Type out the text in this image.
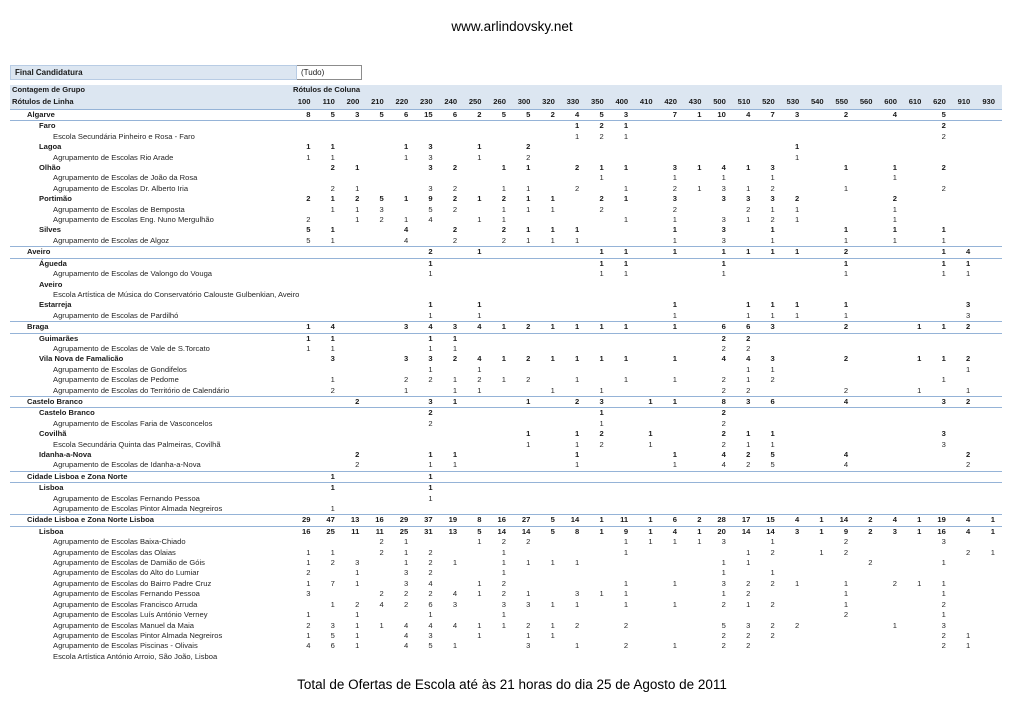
www.arlindovsky.net
Final Candidatura	(Tudo)
Contagem de Grupo	Rótulos de Coluna																												
Rótulos de Linha	100	110	200	210	220	230	240	250	260	300	320	330	350	400	410	420	430	500	510	520	530	540	550	560	600	610	620	910	930
Algarve	8	5	3	5	6	15	6	2	5	5	2	4	5	3		7	1	10	4	7	3		2		4		5		
Faro												1	2	1													2		
Escola Secundária Pinheiro e Rosa - Faro												1	2	1													2		
Lagoa	1	1			1	3		1		2											1								
Agrupamento de Escolas Rio Arade	1	1			1	3		1		2											1								
Olhão		2	1			3	2		1	1		2	1	1		3	1	4	1	3			1		1		2		
Agrupamento de Escolas de João da Rosa													1			1		1		1					1				
Agrupamento de Escolas Dr. Alberto Iria		2	1			3	2		1	1		2		1		2	1	3	1	2			1				2		
Portimão	2	1	2	5	1	9	2	1	2	1	1		2	1		3		3	3	3	2				2				
Agrupamento de Escolas de Bemposta		1	1	3		5	2		1	1	1		2			2			2	1	1				1				
Agrupamento de Escolas Eng. Nuno Mergulhão	2		1	2	1	4		1	1					1		1		3	1	2	1				1				
Silves	5	1			4		2		2	1	1	1				1		3		1			1		1		1		
Agrupamento de Escolas de Algoz	5	1			4		2		2	1	1	1				1		3		1			1		1		1		
Aveiro						2		1					1	1		1		1	1	1	1		2				1	4	
Águeda						1							1	1				1					1				1	1	
Agrupamento de Escolas de Valongo do Vouga						1							1	1				1					1				1	1	
Aveiro																													
Escola Artística de Música do Conservatório Calouste Gulbenkian, Aveiro																													
Estarreja						1		1								1			1	1	1		1					3	
Agrupamento de Escolas de Pardilhó						1		1								1			1	1	1		1					3	
Braga	1	4			3	4	3	4	1	2	1	1	1	1		1		6	6	3			2			1	1	2	
Guimarães	1	1				1	1											2	2										
Agrupamento de Escolas de Vale de S.Torcato	1	1				1	1											2	2										
Vila Nova de Famalicão		3			3	3	2	4	1	2	1	1	1	1		1		4	4	3			2			1	1	2	
Agrupamento de Escolas de Gondifelos						1		1											1	1								1	
Agrupamento de Escolas de Pedome		1			2	2	1	2	1	2		1		1		1		2	1	2							1		
Agrupamento de Escolas do Território de Calendário		2			1		1	1			1		1					2	2				2			1		1	
Castelo Branco			2			3	1			1		2	3		1	1		8	3	6			4				3	2	
Castelo Branco						2							1					2											
Agrupamento de Escolas Faria de Vasconcelos						2							1					2											
Covilhã										1		1	2		1			2	1	1							3		
Escola Secundária Quinta das Palmeiras, Covilhã										1		1	2		1			2	1	1							3		
Idanha-a-Nova			2			1	1					1				1		4	2	5			4					2	
Agrupamento de Escolas de Idanha-a-Nova			2			1	1					1				1		4	2	5			4					2	
Cidade Lisboa e Zona Norte		1				1																							
Lisboa		1				1																							
Agrupamento de Escolas Fernando Pessoa						1																							
Agrupamento de Escolas Pintor Almada Negreiros		1																											
Cidade Lisboa e Zona Norte Lisboa	29	47	13	16	29	37	19	8	16	27	5	14	1	11	1	6	2	28	17	15	4	1	14	2	4	1	19	4	1
Lisboa	16	25	11	11	25	31	13	5	14	14	5	8	1	9	1	4	1	20	14	14	3	1	9	2	3	1	16	4	1
Agrupamento de Escolas Baixa-Chiado				2	1			1	2	2				1	1	1	1	3		1			2				3		
Agrupamento de Escolas das Olaias	1	1		2	1	2			1					1					1	2		1	2					2	1
Agrupamento de Escolas de Damião de Góis	1	2	3		1	2	1		1	1	1	1						1	1					2			1		
Agrupamento de Escolas do Alto do Lumiar	2		1		3	2			1									1		1									
Agrupamento de Escolas do Bairro Padre Cruz	1	7	1		3	4		1	2					1		1		3	2	2	1		1		2	1	1		
Agrupamento de Escolas Fernando Pessoa	3			2	2	2	4	1	2	1		3	1	1				1	2				1				1		
Agrupamento de Escolas Francisco Arruda		1	2	4	2	6	3		3	3	1	1		1		1		2	1	2			1				2		
Agrupamento de Escolas Luís António Verney	1		1			1			1														2				1		
Agrupamento de Escolas Manuel da Maia	2	3	1	1	4	4	4	1	1	2	1	2		2				5	3	2	2				1		3		
Agrupamento de Escolas Pintor Almada Negreiros	1	5	1		4	3		1		1	1							2	2	2							2	1	
Agrupamento de Escolas Piscinas - Olivais	4	6	1		4	5	1			3		1		2		1		2	2								2	1	
Escola Artística António Arroio, São João, Lisboa																													
Total de Ofertas de Escola até às 21 horas do dia 25 de Agosto de 2011
